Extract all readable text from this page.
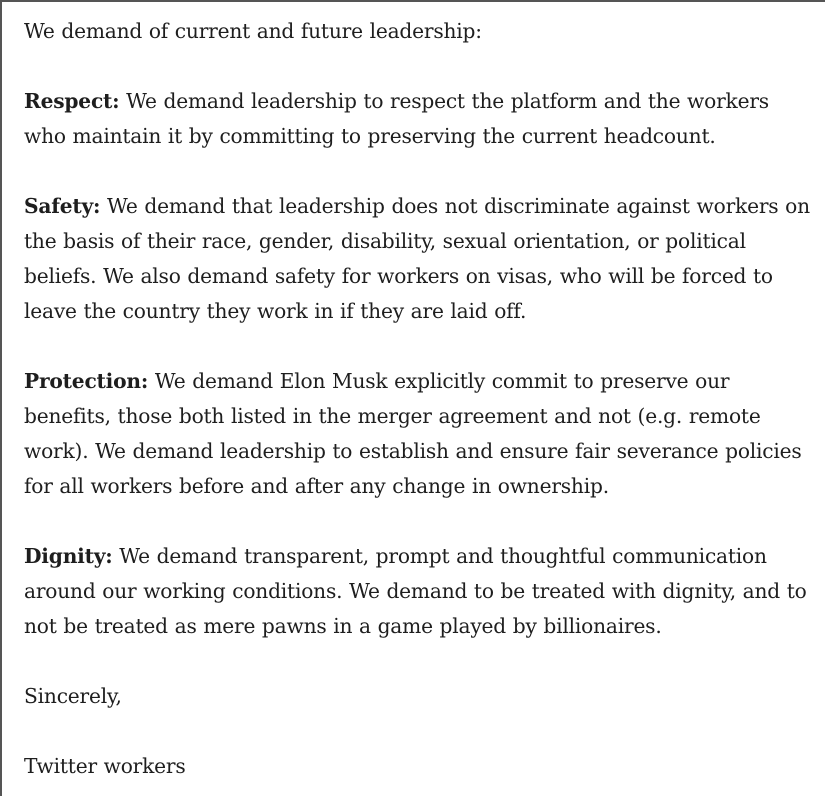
We demand of current and future leadership:

Respect: We demand leadership to respect the platform and the workers who maintain it by committing to preserving the current headcount.

Safety: We demand that leadership does not discriminate against workers on the basis of their race, gender, disability, sexual orientation, or political beliefs. We also demand safety for workers on visas, who will be forced to leave the country they work in if they are laid off.

Protection: We demand Elon Musk explicitly commit to preserve our benefits, those both listed in the merger agreement and not (e.g. remote work). We demand leadership to establish and ensure fair severance policies for all workers before and after any change in ownership.

Dignity: We demand transparent, prompt and thoughtful communication around our working conditions. We demand to be treated with dignity, and to not be treated as mere pawns in a game played by billionaires.

Sincerely,

Twitter workers
